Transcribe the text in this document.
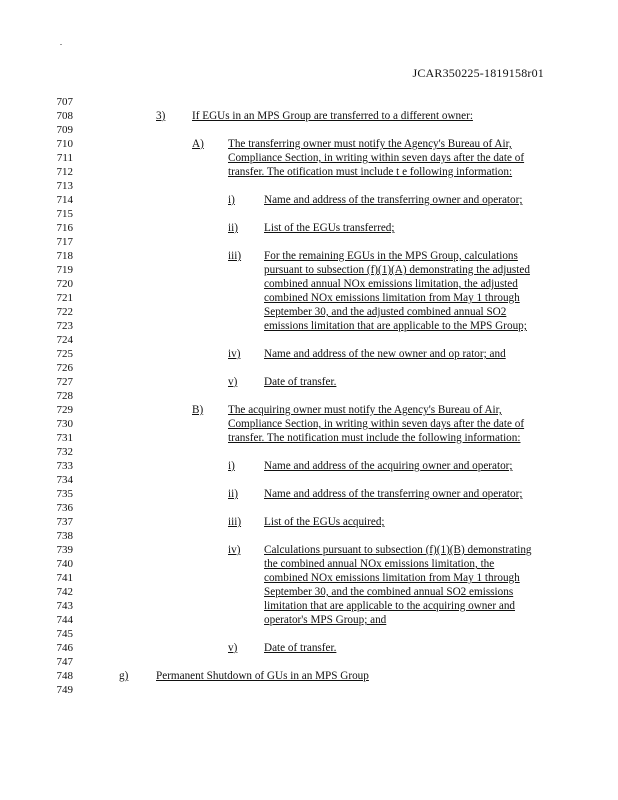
JCAR350225-1819158r01
707
708
709
710
711
712
713
714
715
716
717
718
719
720
721
722
723
724
725
726
727
728
729
730
731
732
733
734
735
736
737
738
739
740
741
742
743
744
745
746
747
748
749
3) If EGUs in an MPS Group are transferred to a different owner:
A) The transferring owner must notify the Agency's Bureau of Air,
Compliance Section, in writing within seven days after the date of
transfer. The otification must include t e following information:
i)	Name and address of the transferring owner and operator;
ii) List of the EGUs transferred;
iii) For the remaining EGUs in the MPS Group, calculations
pursuant to subsection (f)(1)(A) demonstrating the adjusted
combined annual NOx emissions limitation, the adjusted
combined NOx emissions limitation from May 1 through
September 30, and the adjusted combined annual SO2
emissions limitation that are applicable to the MPS Group;
iv) Name and address of the new owner and op rator; and
v) Date of transfer.
B) The acquiring owner must notify the Agency's Bureau of Air,
Compliance Section, in writing within seven days after the date of
transfer. The notification must include the following information:
i)	Name and address of the acquiring owner and operator;
ii) Name and address of the transferring owner and operator;
iii) List of the EGUs acquired;
iv) Calculations pursuant to subsection (f)(1)(B) demonstrating
the combined annual NOx emissions limitation, the
combined NOx emissions limitation from May 1 through
September 30, and the combined annual SO2 emissions
limitation that are applicable to the acquiring owner and
operator's MPS Group; and
v) Date of transfer.
g) Permanent Shutdown of GUs in an MPS Group
